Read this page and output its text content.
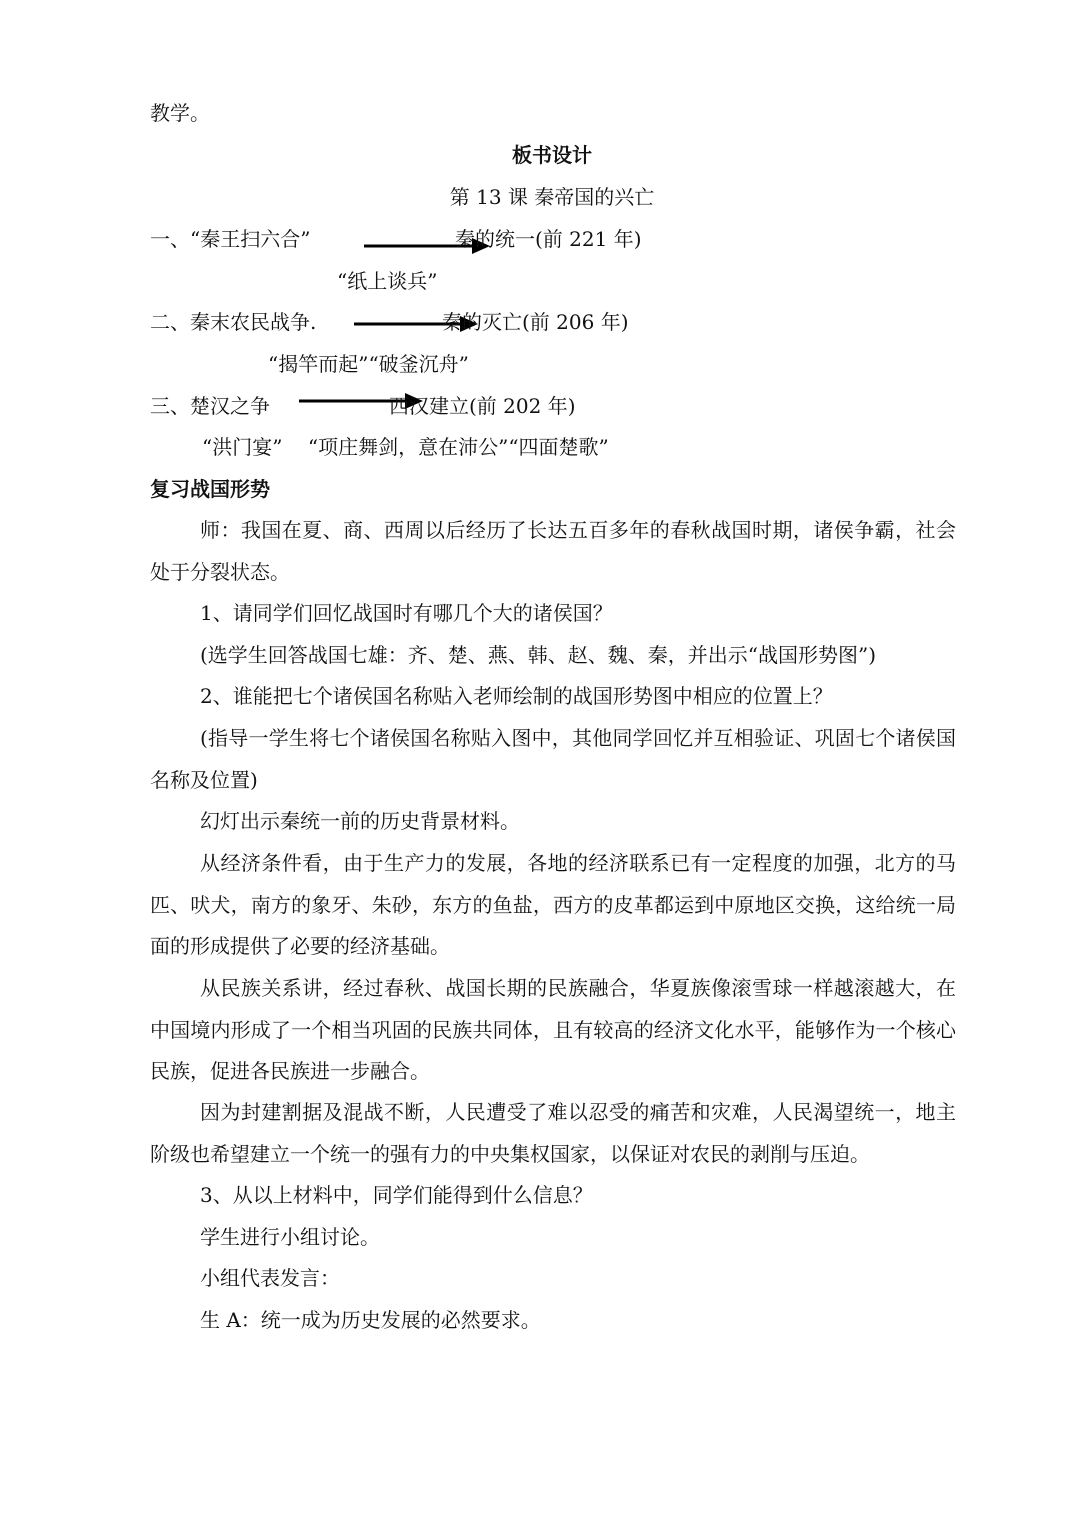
教学。
板书设计
第 13 课 秦帝国的兴亡
一、“秦王扫六合”	秦的统一(前 221 年)
“纸上谈兵”
二、秦末农民战争.	秦的灭亡(前 206 年)
“揭竿而起”“破釜沉舟”
三、楚汉之争	西汉建立(前 202 年)
“洪门宴”    “项庄舞剑，意在沛公”“四面楚歌”
复习战国形势
师：我国在夏、商、西周以后经历了长达五百多年的春秋战国时期，诸侯争霸，社会处于分裂状态。
1、请同学们回忆战国时有哪几个大的诸侯国？
(选学生回答战国七雄：齐、楚、燕、韩、赵、魏、秦，并出示“战国形势图”)
2、谁能把七个诸侯国名称贴入老师绘制的战国形势图中相应的位置上？
(指导一学生将七个诸侯国名称贴入图中，其他同学回忆并互相验证、巩固七个诸侯国名称及位置)
幻灯出示秦统一前的历史背景材料。
从经济条件看，由于生产力的发展，各地的经济联系已有一定程度的加强，北方的马匹、吠犬，南方的象牙、朱砂，东方的鱼盐，西方的皮革都运到中原地区交换，这给统一局面的形成提供了必要的经济基础。
从民族关系讲，经过春秋、战国长期的民族融合，华夏族像滚雪球一样越滚越大，在中国境内形成了一个相当巩固的民族共同体，且有较高的经济文化水平，能够作为一个核心民族，促进各民族进一步融合。
因为封建割据及混战不断，人民遭受了难以忍受的痛苦和灾难，人民渴望统一，地主阶级也希望建立一个统一的强有力的中央集权国家，以保证对农民的剥削与压迫。
3、从以上材料中，同学们能得到什么信息？
学生进行小组讨论。
小组代表发言：
生 A：统一成为历史发展的必然要求。
